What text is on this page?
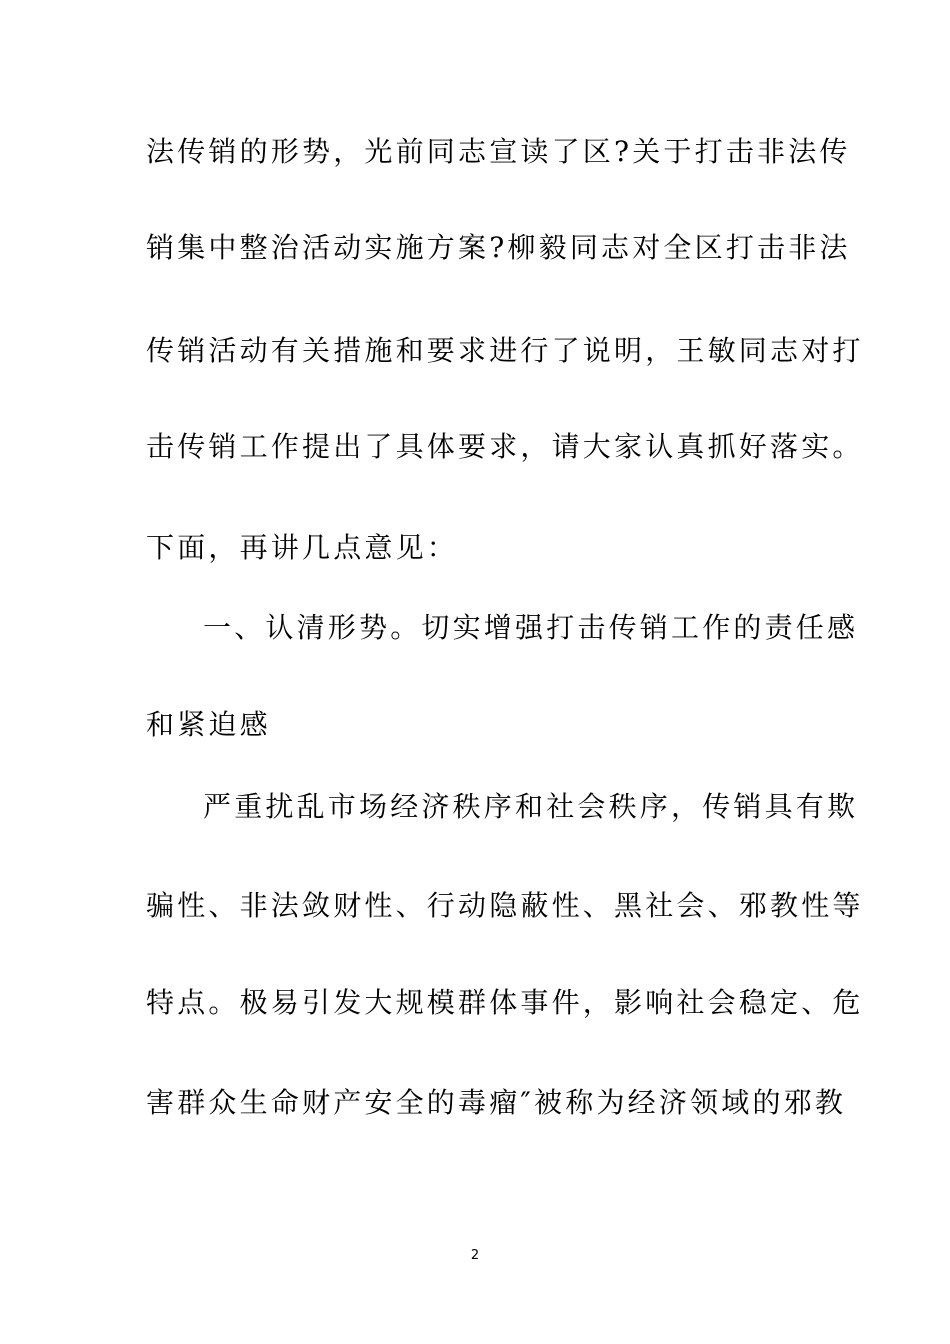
法传销的形势，光前同志宣读了区?关于打击非法传
销集中整治活动实施方案?柳毅同志对全区打击非法
传销活动有关措施和要求进行了说明，王敏同志对打
击传销工作提出了具体要求，请大家认真抓好落实。
下面，再讲几点意见：
一、认清形势。切实增强打击传销工作的责任感
和紧迫感
严重扰乱市场经济秩序和社会秩序，传销具有欺
骗性、非法敛财性、行动隐蔽性、黑社会、邪教性等
特点。极易引发大规模群体事件，影响社会稳定、危
害群众生命财产安全的毒瘤″被称为经济领域的邪教
2
